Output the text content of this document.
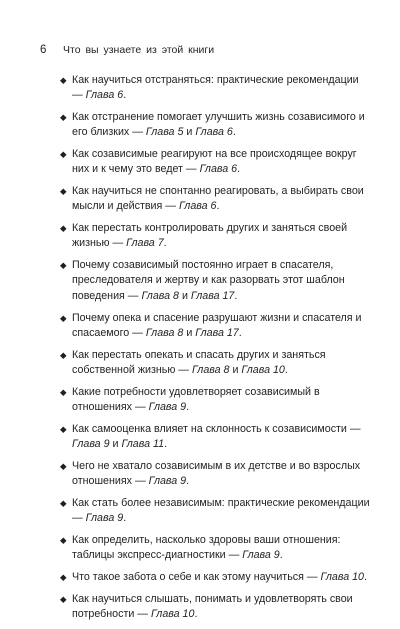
6	Что вы узнаете из этой книги
◆ Как научиться отстраняться: практические рекомендации — Глава 6.
◆ Как отстранение помогает улучшить жизнь созависимого и его близких — Глава 5 и Глава 6.
◆ Как созависимые реагируют на все происходящее вокруг них и к чему это ведет — Глава 6.
◆ Как научиться не спонтанно реагировать, а выбирать свои мысли и действия — Глава 6.
◆ Как перестать контролировать других и заняться своей жизнью — Глава 7.
◆ Почему созависимый постоянно играет в спасателя, преследователя и жертву и как разорвать этот шаблон поведения — Глава 8 и Глава 17.
◆ Почему опека и спасение разрушают жизни и спасателя и спасаемого — Глава 8 и Глава 17.
◆ Как перестать опекать и спасать других и заняться собственной жизнью — Глава 8 и Глава 10.
◆ Какие потребности удовлетворяет созависимый в отношениях — Глава 9.
◆ Как самооценка влияет на склонность к созависимости — Глава 9 и Глава 11.
◆ Чего не хватало созависимым в их детстве и во взрослых отношениях — Глава 9.
◆ Как стать более независимым: практические рекомендации — Глава 9.
◆ Как определить, насколько здоровы ваши отношения: таблицы экспресс-диагностики — Глава 9.
◆ Что такое забота о себе и как этому научиться — Глава 10.
◆ Как научиться слышать, понимать и удовлетворять свои потребности — Глава 10.
